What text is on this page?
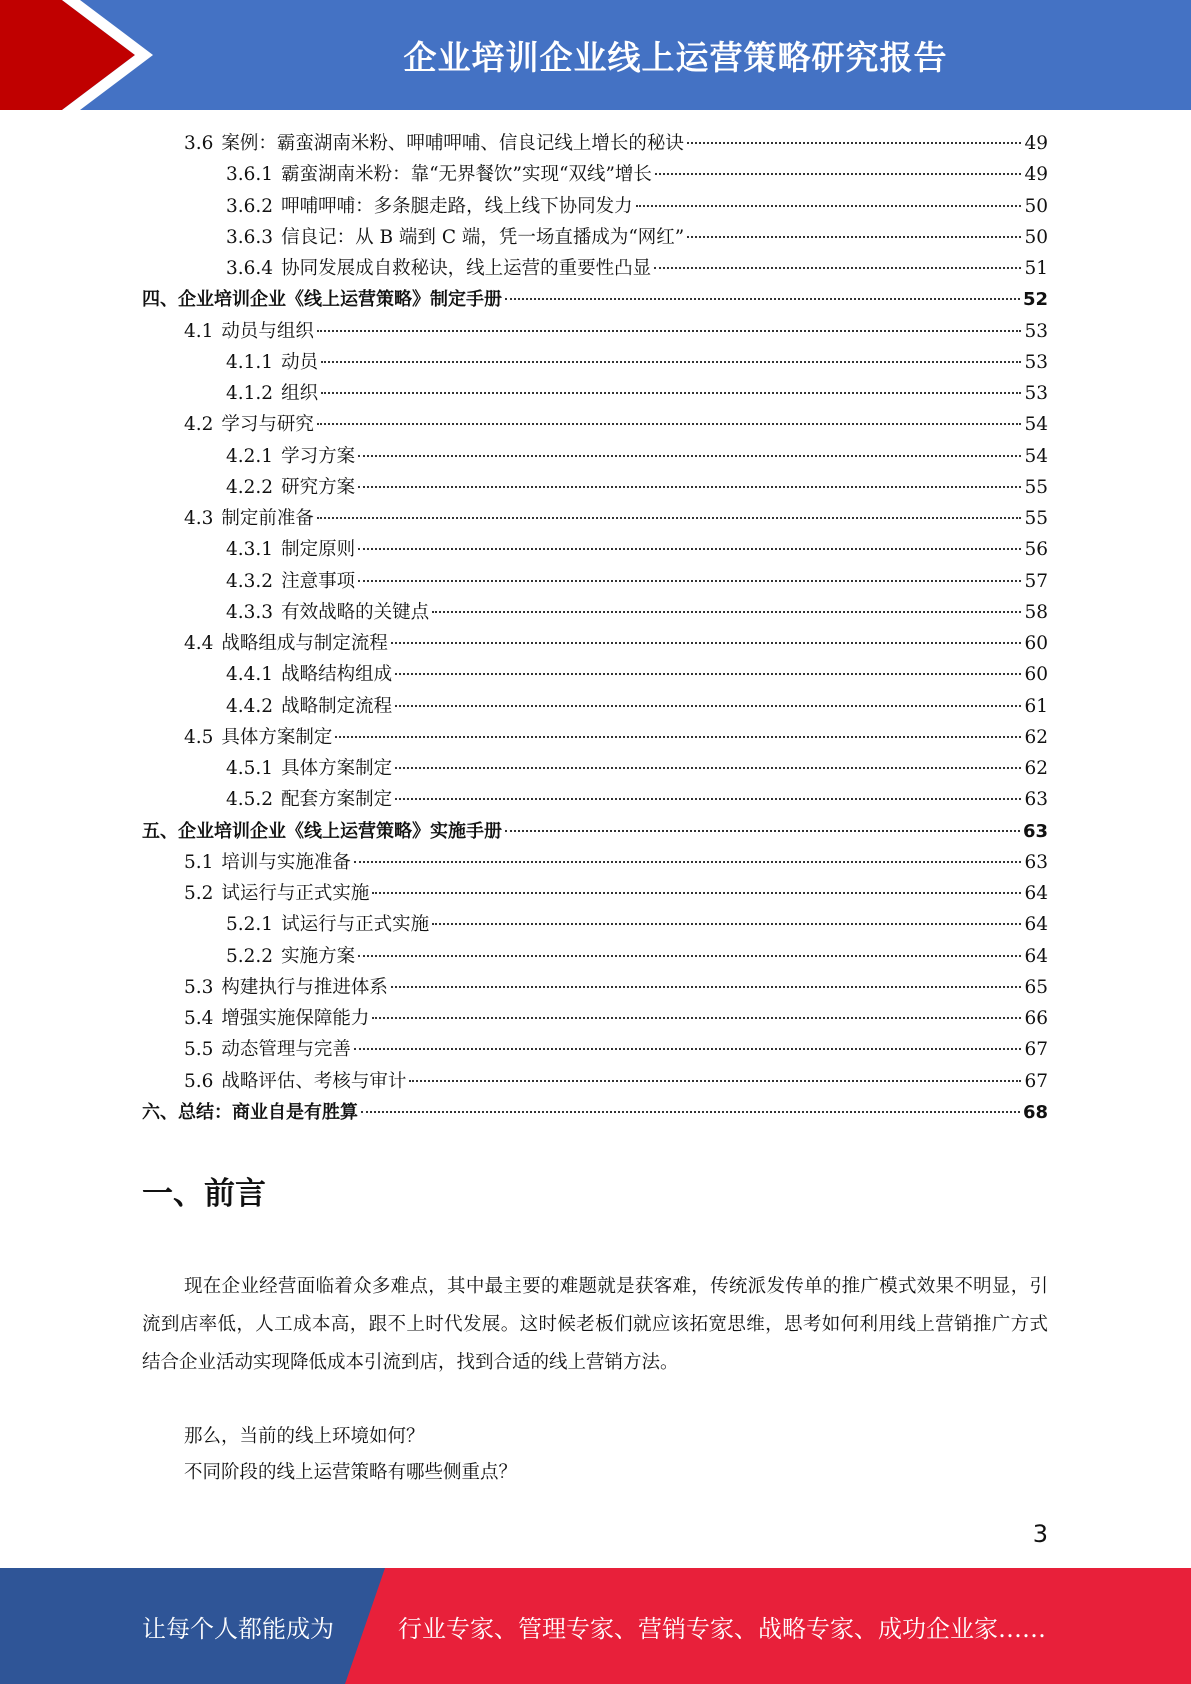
企业培训企业线上运营策略研究报告
3.6 案例：霸蛮湖南米粉、呷哺呷哺、信良记线上增长的秘诀	49
3.6.1 霸蛮湖南米粉：靠“无界餐饮”实现“双线”增长	49
3.6.2 呷哺呷哺：多条腿走路，线上线下协同发力	50
3.6.3 信良记：从 B 端到 C 端，凭一场直播成为“网红”	50
3.6.4 协同发展成自救秘诀，线上运营的重要性凸显	51
四、企业培训企业《线上运营策略》制定手册	52
4.1 动员与组织	53
4.1.1 动员	53
4.1.2 组织	53
4.2 学习与研究	54
4.2.1 学习方案	54
4.2.2 研究方案	55
4.3 制定前准备	55
4.3.1 制定原则	56
4.3.2 注意事项	57
4.3.3 有效战略的关键点	58
4.4 战略组成与制定流程	60
4.4.1 战略结构组成	60
4.4.2 战略制定流程	61
4.5 具体方案制定	62
4.5.1 具体方案制定	62
4.5.2 配套方案制定	63
五、企业培训企业《线上运营策略》实施手册	63
5.1 培训与实施准备	63
5.2 试运行与正式实施	64
5.2.1 试运行与正式实施	64
5.2.2 实施方案	64
5.3 构建执行与推进体系	65
5.4 增强实施保障能力	66
5.5 动态管理与完善	67
5.6 战略评估、考核与审计	67
六、总结：商业自是有胜算	68
一、前言
现在企业经营面临着众多难点，其中最主要的难题就是获客难，传统派发传单的推广模式效果不明显，引流到店率低，人工成本高，跟不上时代发展。这时候老板们就应该拓宽思维，思考如何利用线上营销推广方式结合企业活动实现降低成本引流到店，找到合适的线上营销方法。
那么，当前的线上环境如何？
不同阶段的线上运营策略有哪些侧重点？
3
让每个人都能成为	行业专家、管理专家、营销专家、战略专家、成功企业家……
